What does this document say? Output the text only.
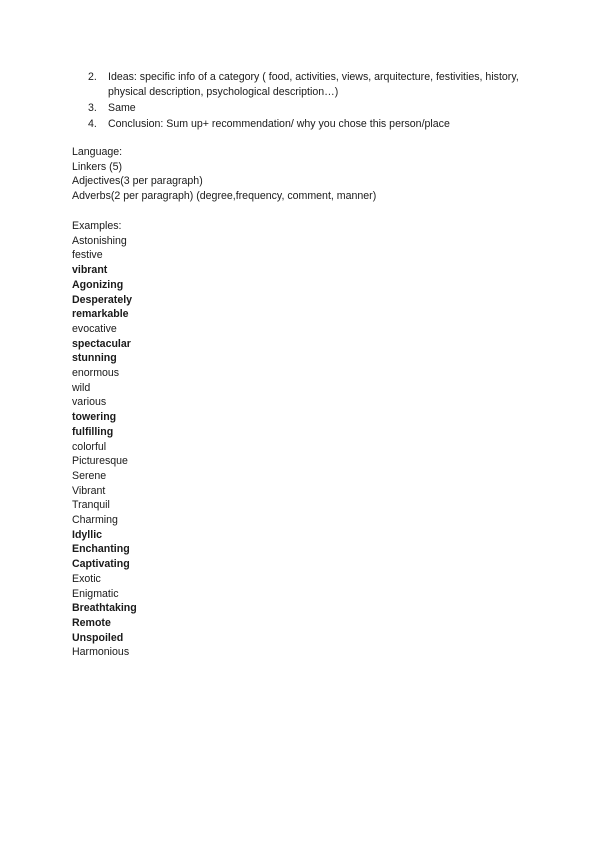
2. Ideas: specific info of a category ( food, activities, views, arquitecture, festivities, history, physical description, psychological description…)
3. Same
4. Conclusion: Sum up+ recommendation/ why you chose this person/place
Language:
Linkers (5)
Adjectives(3 per paragraph)
Adverbs(2 per paragraph) (degree,frequency, comment, manner)
Examples:
Astonishing
festive
vibrant
Agonizing
Desperately
remarkable
evocative
spectacular
stunning
enormous
wild
various
towering
fulfilling
colorful
Picturesque
Serene
Vibrant
Tranquil
Charming
Idyllic
Enchanting
Captivating
Exotic
Enigmatic
Breathtaking
Remote
Unspoiled
Harmonious
